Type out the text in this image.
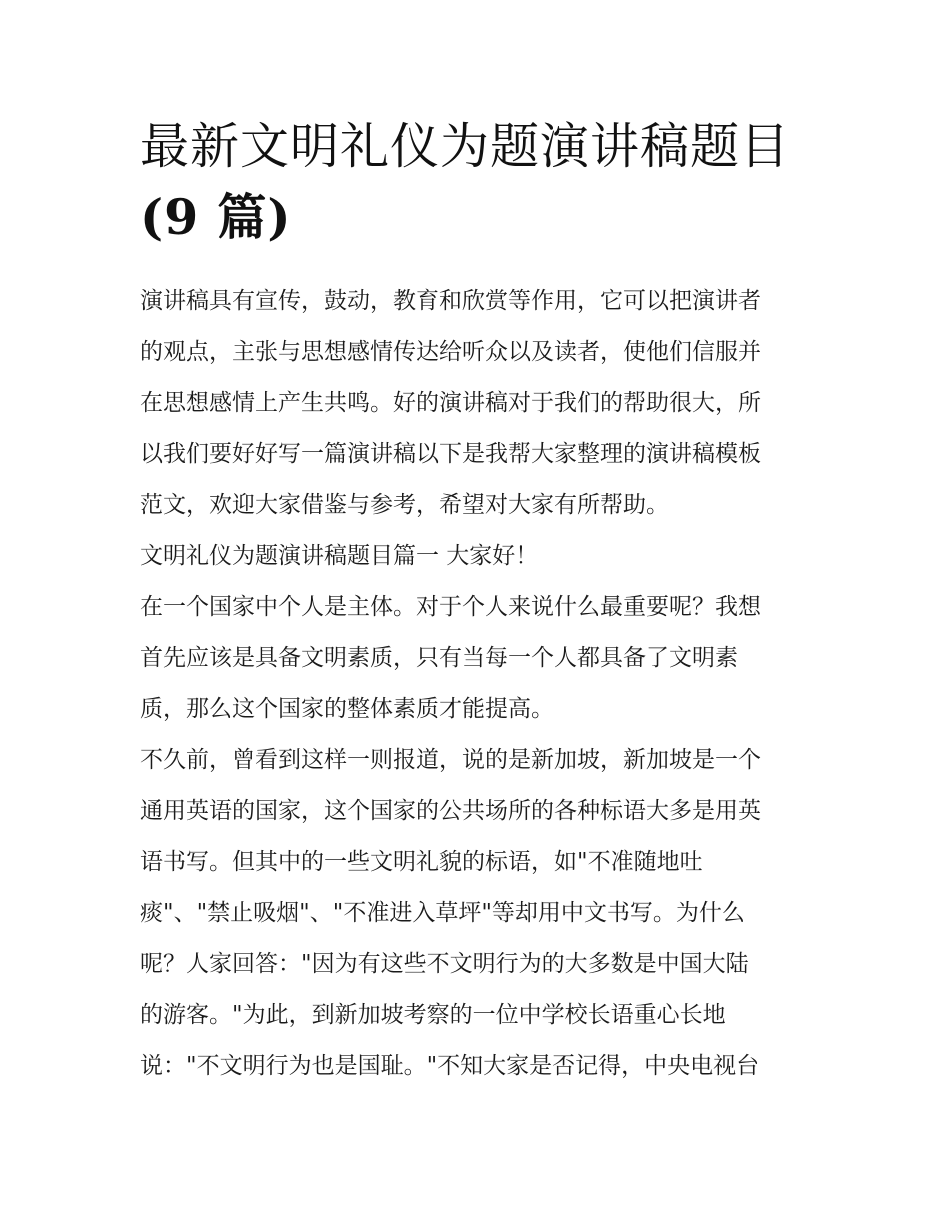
最新文明礼仪为题演讲稿题目
(9 篇)
演讲稿具有宣传，鼓动，教育和欣赏等作用，它可以把演讲者
的观点，主张与思想感情传达给听众以及读者，使他们信服并
在思想感情上产生共鸣。好的演讲稿对于我们的帮助很大，所
以我们要好好写一篇演讲稿以下是我帮大家整理的演讲稿模板
范文，欢迎大家借鉴与参考，希望对大家有所帮助。
文明礼仪为题演讲稿题目篇一 大家好！
在一个国家中个人是主体。对于个人来说什么最重要呢？我想
首先应该是具备文明素质，只有当每一个人都具备了文明素
质，那么这个国家的整体素质才能提高。
不久前，曾看到这样一则报道，说的是新加坡，新加坡是一个
通用英语的国家，这个国家的公共场所的各种标语大多是用英
语书写。但其中的一些文明礼貌的标语，如"不准随地吐
痰"、"禁止吸烟"、"不准进入草坪"等却用中文书写。为什么
呢？人家回答："因为有这些不文明行为的大多数是中国大陆
的游客。"为此，到新加坡考察的一位中学校长语重心长地
说："不文明行为也是国耻。"不知大家是否记得，中央电视台
